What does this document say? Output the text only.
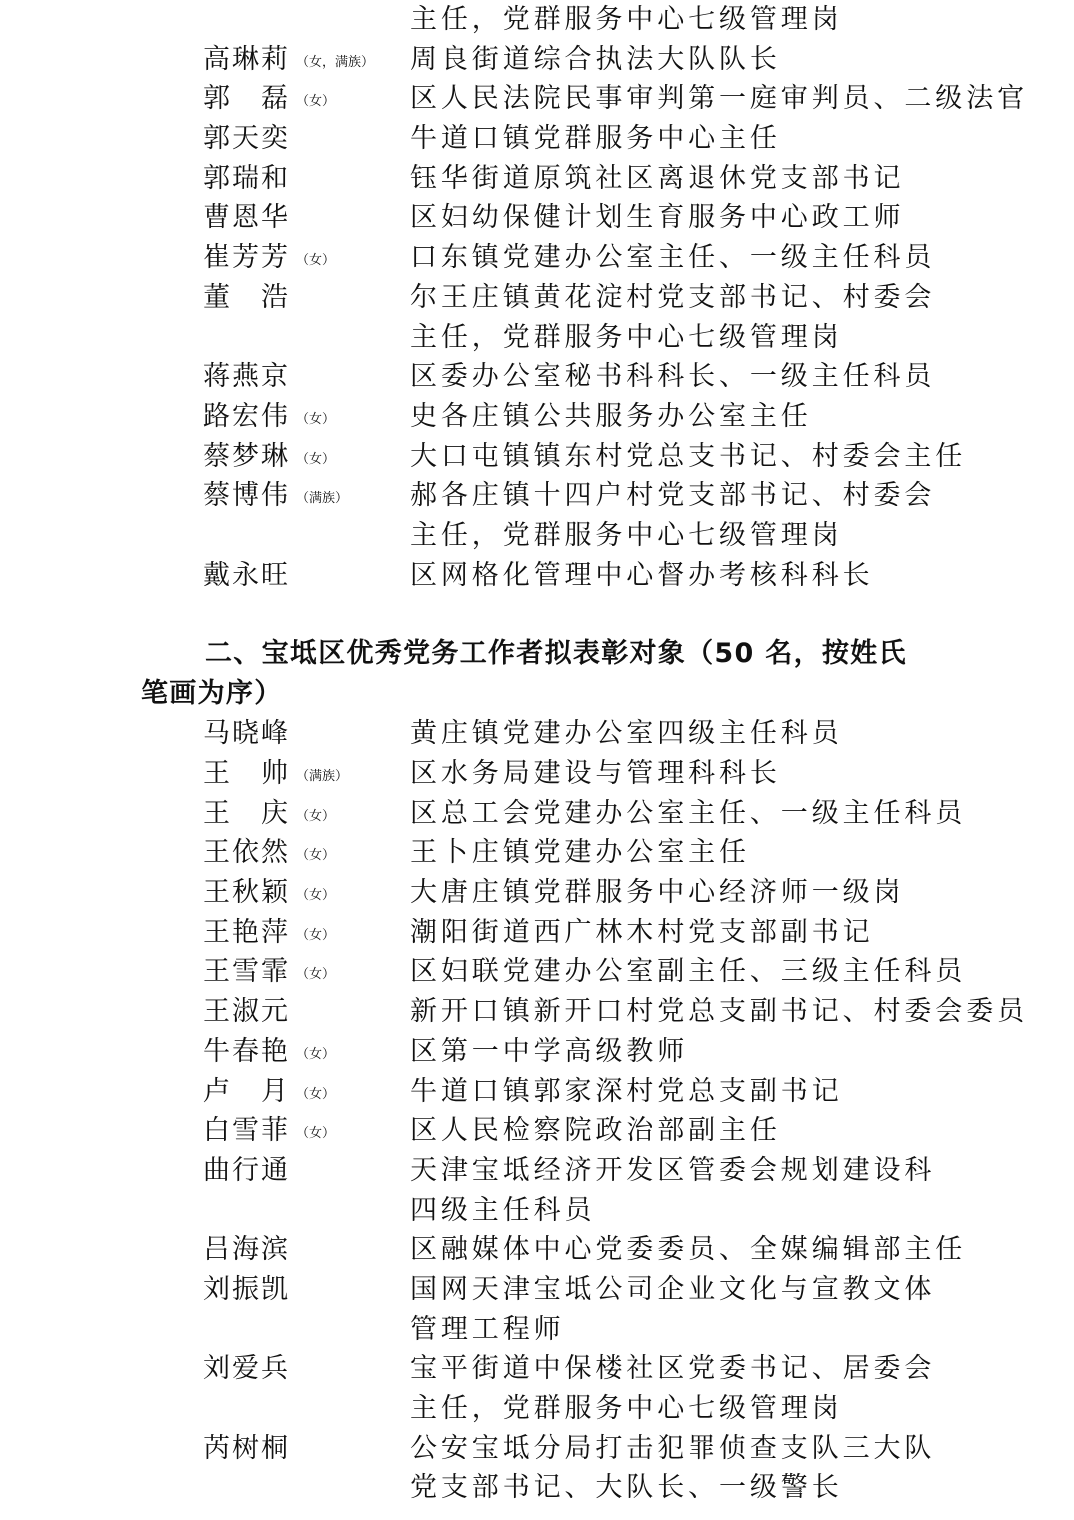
主任，党群服务中心七级管理岗
高琳莉 （女，满族） 周良街道综合执法大队队长
郭　磊 （女）	区人民法院民事审判第一庭审判员、二级法官
郭天奕	牛道口镇党群服务中心主任
郭瑞和	钰华街道原筑社区离退休党支部书记
曹恩华	区妇幼保健计划生育服务中心政工师
崔芳芳 （女）	口东镇党建办公室主任、一级主任科员
董　浩	尔王庄镇黄花淀村党支部书记、村委会
主任，党群服务中心七级管理岗
蒋燕京	区委办公室秘书科科长、一级主任科员
路宏伟 （女）	史各庄镇公共服务办公室主任
蔡梦琳 （女）	大口屯镇镇东村党总支书记、村委会主任
蔡博伟 （满族） 郝各庄镇十四户村党支部书记、村委会
主任，党群服务中心七级管理岗
戴永旺	区网格化管理中心督办考核科科长
二、宝坻区优秀党务工作者拟表彰对象（50 名，按姓氏
笔画为序）
马晓峰	黄庄镇党建办公室四级主任科员
王　帅 （满族） 区水务局建设与管理科科长
王　庆 （女）	区总工会党建办公室主任、一级主任科员
王依然 （女）	王卜庄镇党建办公室主任
王秋颖 （女）	大唐庄镇党群服务中心经济师一级岗
王艳萍 （女）	潮阳街道西广林木村党支部副书记
王雪霏 （女）	区妇联党建办公室副主任、三级主任科员
王淑元	新开口镇新开口村党总支副书记、村委会委员
牛春艳 （女）	区第一中学高级教师
卢　月 （女）	牛道口镇郭家深村党总支副书记
白雪菲 （女）	区人民检察院政治部副主任
曲行通	天津宝坻经济开发区管委会规划建设科
四级主任科员
吕海滨	区融媒体中心党委委员、全媒编辑部主任
刘振凯	国网天津宝坻公司企业文化与宣教文体
管理工程师
刘爱兵	宝平街道中保楼社区党委书记、居委会
主任，党群服务中心七级管理岗
芮树桐	公安宝坻分局打击犯罪侦查支队三大队
党支部书记、大队长、一级警长
